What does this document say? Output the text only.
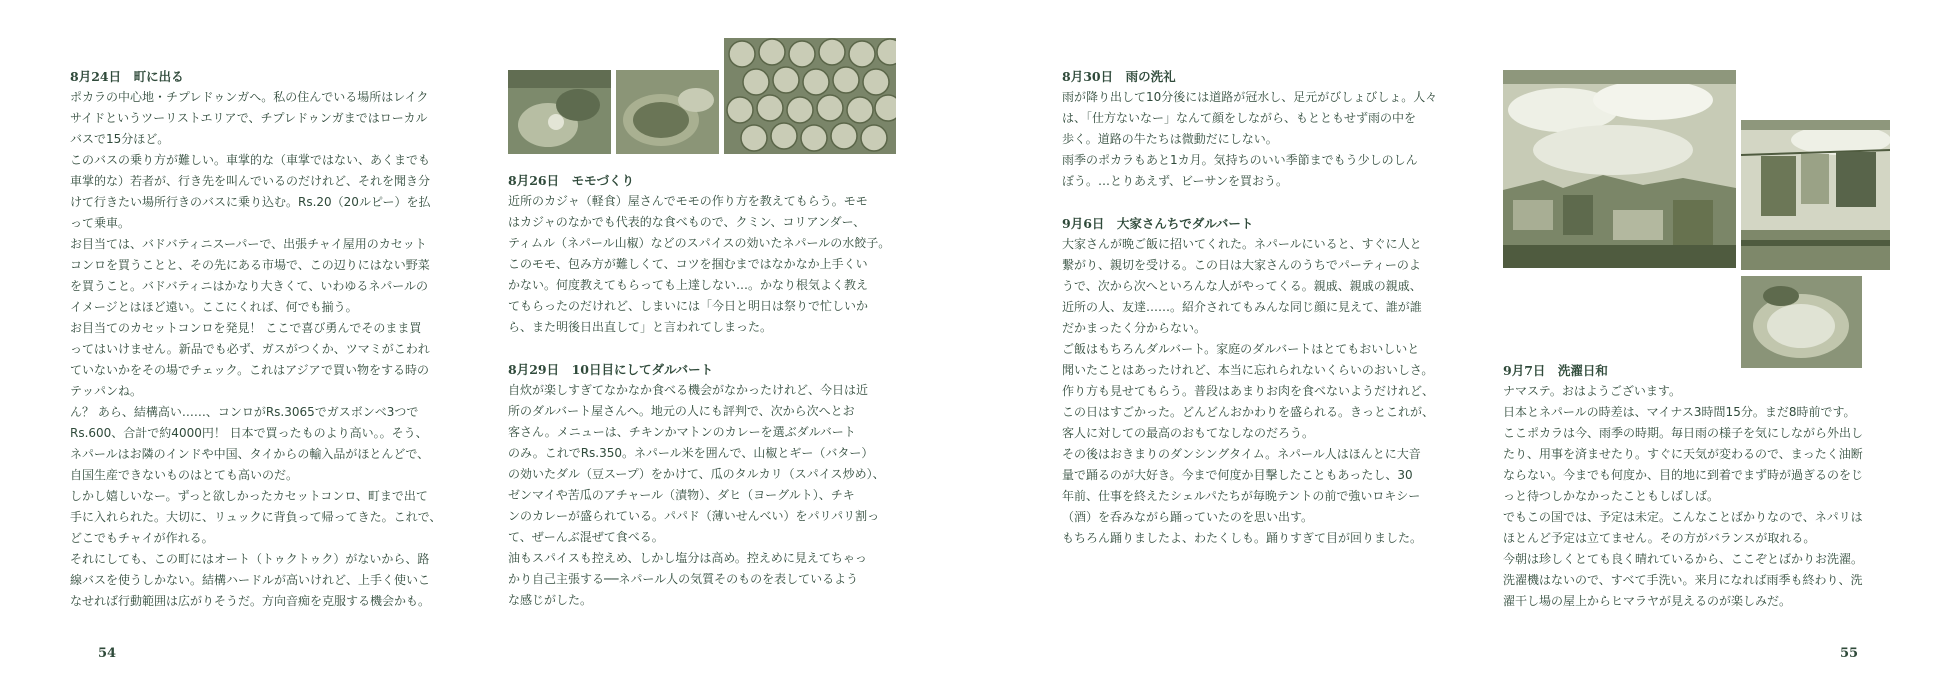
8月24日　 町に出る

ポカラの中心地・チプレドゥンガへ。私の住んでいる場所はレイク
サイドというツーリストエリアで、チプレドゥンガまではローカル
バスで15分ほど。
このバスの乗り方が難しい。車掌的な（車掌ではない、あくまでも
車掌的な）若者が、行き先を叫んでいるのだけれど、それを聞き分
けて行きたい場所行きのバスに乗り込む。Rs.20（20ルピー）を払
って乗車。
お目当ては、バドバティニスーパーで、出張チャイ屋用のカセット
コンロを買うことと、その先にある市場で、この辺りにはない野菜
を買うこと。バドバティニはかなり大きくて、いわゆるネパールの
イメージとはほど遠い。ここにくれば、何でも揃う。
お目当てのカセットコンロを発見！ ここで喜び勇んでそのまま買
ってはいけません。新品でも必ず、ガスがつくか、ツマミがこわれ
ていないかをその場でチェック。これはアジアで買い物をする時の
テッパンね。
ん？ あら、結構高い……、コンロがRs.3065でガスボンベ3つで
Rs.600、合計で約4000円！ 日本で買ったものより高い。。そう、
ネパールはお隣のインドや中国、タイからの輸入品がほとんどで、
自国生産できないものはとても高いのだ。
しかし嬉しいなー。ずっと欲しかったカセットコンロ、町まで出て
手に入れられた。大切に、リュックに背負って帰ってきた。これで、
どこでもチャイが作れる。
それにしても、この町にはオート（トゥクトゥク）がないから、路
線バスを使うしかない。結構ハードルが高いけれど、上手く使いこ
なせれば行動範囲は広がりそうだ。方向音痴を克服する機会かも。

8月26日　 モモづくり

近所のカジャ（軽食）屋さんでモモの作り方を教えてもらう。モモ
はカジャのなかでも代表的な食べもので、クミン、コリアンダー、
ティムル（ネパール山椒）などのスパイスの効いたネパールの水餃子。
このモモ、包み方が難しくて、コツを掴むまではなかなか上手くい
かない。何度教えてもらっても上達しない…。かなり根気よく教え
てもらったのだけれど、しまいには「今日と明日は祭りで忙しいか
ら、また明後日出直して」と言われてしまった。

8月29日　 10日目にしてダルバート

自炊が楽しすぎてなかなか食べる機会がなかったけれど、今日は近
所のダルバート屋さんへ。地元の人にも評判で、次から次へとお
客さん。メニューは、チキンかマトンのカレーを選ぶダルバート
のみ。これでRs.350。ネパール米を囲んで、山椒とギー（バター）
の効いたダル（豆スープ）をかけて、瓜のタルカリ（スパイス炒め）、
ゼンマイや苦瓜のアチャール（漬物）、ダヒ（ヨーグルト）、チキ
ンのカレーが盛られている。パパド（薄いせんべい）をパリパリ割っ
て、ぜーんぶ混ぜて食べる。
油もスパイスも控えめ、しかし塩分は高め。控えめに見えてちゃっ
かり自己主張する──ネパール人の気質そのものを表しているよう
な感じがした。

54
8月30日　 雨の洗礼

雨が降り出して10分後には道路が冠水し、足元がびしょびしょ。人々
は、「仕方ないなー」なんて顔をしながら、もとともせず雨の中を
歩く。道路の牛たちは微動だにしない。
雨季のポカラもあと1カ月。気持ちのいい季節までもう少しのしん
ぼう。…とりあえず、ビーサンを買おう。

9月6日　 大家さんちでダルバート

大家さんが晩ご飯に招いてくれた。ネパールにいると、すぐに人と
繋がり、親切を受ける。この日は大家さんのうちでパーティーのよ
うで、次から次へといろんな人がやってくる。親戚、親戚の親戚、
近所の人、友達……。紹介されてもみんな同じ顔に見えて、誰が誰
だかまったく分からない。
ご飯はもちろんダルバート。家庭のダルバートはとてもおいしいと
聞いたことはあったけれど、本当に忘れられないくらいのおいしさ。
作り方も見せてもらう。普段はあまりお肉を食べないようだけれど、
この日はすごかった。どんどんおかわりを盛られる。きっとこれが、
客人に対しての最高のおもてなしなのだろう。
その後はおきまりのダンシングタイム。ネパール人はほんとに大音
量で踊るのが大好き。今まで何度か目撃したこともあったし、30
年前、仕事を終えたシェルパたちが毎晩テントの前で強いロキシー
（酒）を呑みながら踊っていたのを思い出す。
もちろん踊りましたよ、わたくしも。踊りすぎて目が回りました。

9月7日　 洗濯日和

ナマステ。おはようございます。
日本とネパールの時差は、マイナス3時間15分。まだ8時前です。
ここポカラは今、雨季の時期。毎日雨の様子を気にしながら外出し
たり、用事を済ませたり。すぐに天気が変わるので、まったく油断
ならない。今までも何度か、目的地に到着でまず時が過ぎるのをじ
っと待つしかなかったこともしばしば。
でもこの国では、予定は未定。こんなことばかりなので、ネパリは
ほとんど予定は立てません。その方がバランスが取れる。
今朝は珍しくとても良く晴れているから、ここぞとばかりお洗濯。
洗濯機はないので、すべて手洗い。来月になれば雨季も終わり、洗
濯干し場の屋上からヒマラヤが見えるのが楽しみだ。

55
